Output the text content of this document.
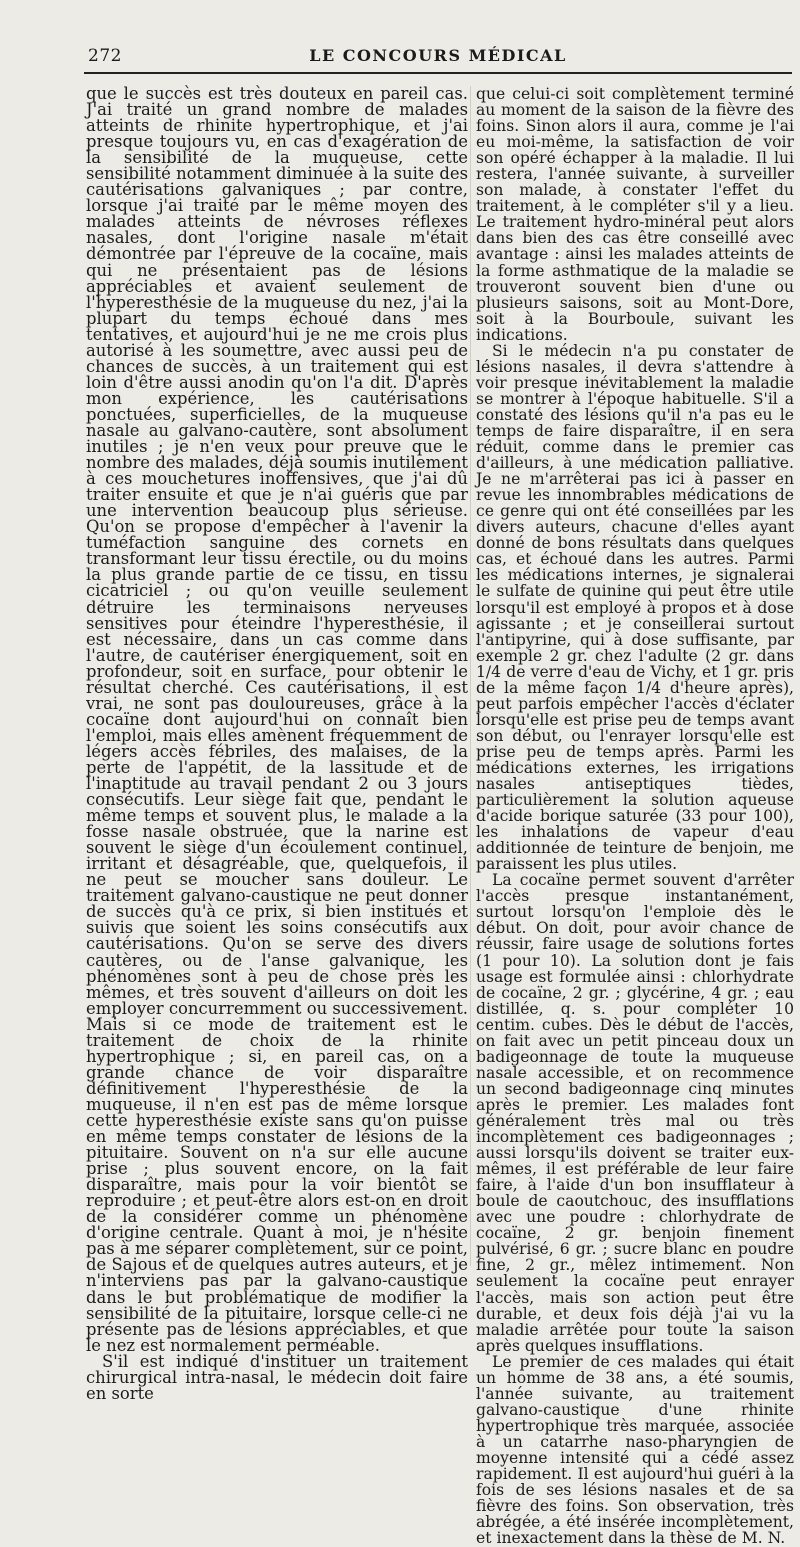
272	LE CONCOURS MÉDICAL

que le succès est très douteux en pareil cas. J'ai traité un grand nombre de malades atteints de rhinite hypertrophique, et j'ai presque toujours vu, en cas d'exagération de la sensibilité de la muqueuse, cette sensibilité notamment diminuée à la suite des cautérisations galvaniques ; par contre, lorsque j'ai traité par le même moyen des malades atteints de névroses réflexes nasales, dont l'origine nasale m'était démontrée par l'épreuve de la cocaïne, mais qui ne présentaient pas de lésions appréciables et avaient seulement de l'hyperesthésie de la muqueuse du nez, j'ai la plupart du temps échoué dans mes tentatives, et aujourd'hui je ne me crois plus autorisé à les soumettre, avec aussi peu de chances de succès, à un traitement qui est loin d'être aussi anodin qu'on l'a dit. D'après mon expérience, les cautérisations ponctuées, superficielles, de la muqueuse nasale au galvano-cautère, sont absolument inutiles ; je n'en veux pour preuve que le nombre des malades, déjà soumis inutilement à ces mouchetures inoffensives, que j'ai dû traiter ensuite et que je n'ai guéris que par une intervention beaucoup plus sérieuse. Qu'on se propose d'empêcher à l'avenir la tuméfaction sanguine des cornets en transformant leur tissu érectile, ou du moins la plus grande partie de ce tissu, en tissu cicatriciel ; ou qu'on veuille seulement détruire les terminaisons nerveuses sensitives pour éteindre l'hyperesthésie, il est nécessaire, dans un cas comme dans l'autre, de cautériser énergiquement, soit en profondeur, soit en surface, pour obtenir le résultat cherché. Ces cautérisations, il est vrai, ne sont pas douloureuses, grâce à la cocaïne dont aujourd'hui on connaît bien l'emploi, mais elles amènent fréquemment de légers accès fébriles, des malaises, de la perte de l'appétit, de la lassitude et de l'inaptitude au travail pendant 2 ou 3 jours consécutifs. Leur siège fait que, pendant le même temps et souvent plus, le malade a la fosse nasale obstruée, que la narine est souvent le siège d'un écoulement continuel, irritant et désagréable, que, quelquefois, il ne peut se moucher sans douleur. Le traitement galvano-caustique ne peut donner de succès qu'à ce prix, si bien institués et suivis que soient les soins consécutifs aux cautérisations. Qu'on se serve des divers cautères, ou de l'anse galvanique, les phénomènes sont à peu de chose près les mêmes, et très souvent d'ailleurs on doit les employer concurremment ou successivement. Mais si ce mode de traitement est le traitement de choix de la rhinite hypertrophique ; si, en pareil cas, on a grande chance de voir disparaître définitivement l'hyperesthésie de la muqueuse, il n'en est pas de même lorsque cette hyperesthésie existe sans qu'on puisse en même temps constater de lésions de la pituitaire. Souvent on n'a sur elle aucune prise ; plus souvent encore, on la fait disparaître, mais pour la voir bientôt se reproduire ; et peut-être alors est-on en droit de la considérer comme un phénomène d'origine centrale. Quant à moi, je n'hésite pas à me séparer complètement, sur ce point, de Sajous et de quelques autres auteurs, et je n'interviens pas par la galvano-caustique dans le but problématique de modifier la sensibilité de la pituitaire, lorsque celle-ci ne présente pas de lésions appréciables, et que le nez est normalement perméable.

S'il est indiqué d'instituer un traitement chirurgical intra-nasal, le médecin doit faire en sorte

que celui-ci soit complètement terminé au moment de la saison de la fièvre des foins. Sinon alors il aura, comme je l'ai eu moi-même, la satisfaction de voir son opéré échapper à la maladie. Il lui restera, l'année suivante, à surveiller son malade, à constater l'effet du traitement, à le compléter s'il y a lieu. Le traitement hydro-minéral peut alors dans bien des cas être conseillé avec avantage : ainsi les malades atteints de la forme asthmatique de la maladie se trouveront souvent bien d'une ou plusieurs saisons, soit au Mont-Dore, soit à la Bourboule, suivant les indications.

Si le médecin n'a pu constater de lésions nasales, il devra s'attendre à voir presque inévitablement la maladie se montrer à l'époque habituelle. S'il a constaté des lésions qu'il n'a pas eu le temps de faire disparaître, il en sera réduit, comme dans le premier cas d'ailleurs, à une médication palliative. Je ne m'arrêterai pas ici à passer en revue les innombrables médications de ce genre qui ont été conseillées par les divers auteurs, chacune d'elles ayant donné de bons résultats dans quelques cas, et échoué dans les autres. Parmi les médications internes, je signalerai le sulfate de quinine qui peut être utile lorsqu'il est employé à propos et à dose agissante ; et je conseillerai surtout l'antipyrine, qui à dose suffisante, par exemple 2 gr. chez l'adulte (2 gr. dans 1/4 de verre d'eau de Vichy, et 1 gr. pris de la même façon 1/4 d'heure après), peut parfois empêcher l'accès d'éclater lorsqu'elle est prise peu de temps avant son début, ou l'enrayer lorsqu'elle est prise peu de temps après. Parmi les médications externes, les irrigations nasales antiseptiques tièdes, particulièrement la solution aqueuse d'acide borique saturée (33 pour 100), les inhalations de vapeur d'eau additionnée de teinture de benjoin, me paraissent les plus utiles.

La cocaïne permet souvent d'arrêter l'accès presque instantanément, surtout lorsqu'on l'emploie dès le début. On doit, pour avoir chance de réussir, faire usage de solutions fortes (1 pour 10). La solution dont je fais usage est formulée ainsi : chlorhydrate de cocaïne, 2 gr. ; glycérine, 4 gr. ; eau distillée, q. s. pour compléter 10 centim. cubes. Dès le début de l'accès, on fait avec un petit pinceau doux un badigeonnage de toute la muqueuse nasale accessible, et on recommence un second badigeonnage cinq minutes après le premier. Les malades font généralement très mal ou très incomplètement ces badigeonnages ; aussi lorsqu'ils doivent se traiter eux-mêmes, il est préférable de leur faire faire, à l'aide d'un bon insufflateur à boule de caoutchouc, des insufflations avec une poudre : chlorhydrate de cocaïne, 2 gr. benjoin finement pulvérisé, 6 gr. ; sucre blanc en poudre fine, 2 gr., mêlez intimement. Non seulement la cocaïne peut enrayer l'accès, mais son action peut être durable, et deux fois déjà j'ai vu la maladie arrêtée pour toute la saison après quelques insufflations.

Le premier de ces malades qui était un homme de 38 ans, a été soumis, l'année suivante, au traitement galvano-caustique d'une rhinite hypertrophique très marquée, associée à un catarrhe naso-pharyngien de moyenne intensité qui a cédé assez rapidement. Il est aujourd'hui guéri à la fois de ses lésions nasales et de sa fièvre des foins. Son observation, très abrégée, a été insérée incomplètement, et inexactement dans la thèse de M. N.
